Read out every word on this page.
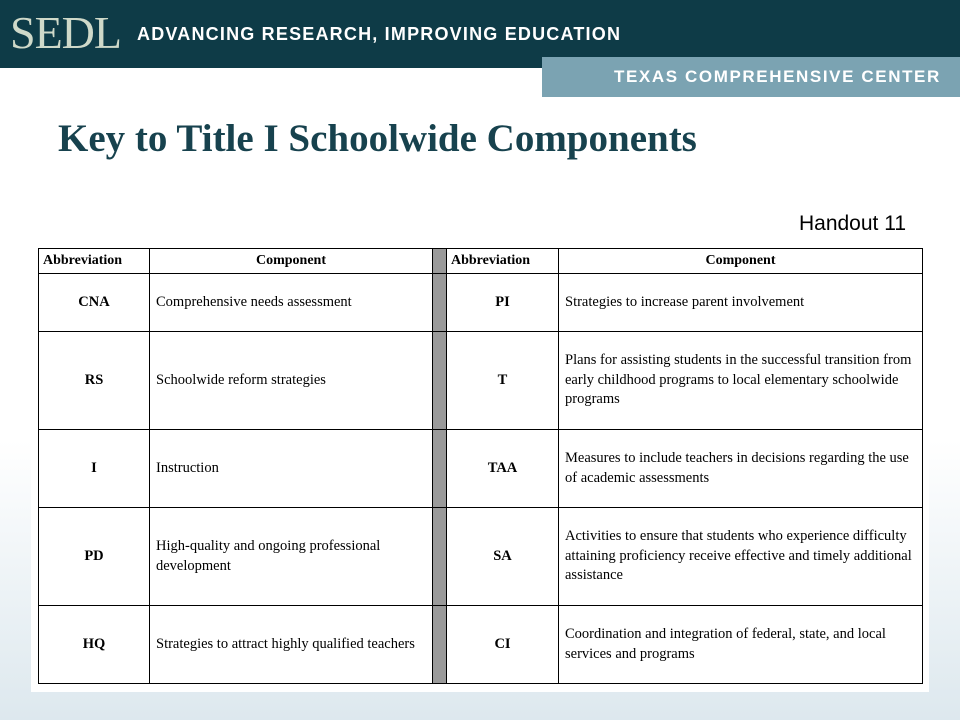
SEDL ADVANCING RESEARCH, IMPROVING EDUCATION
TEXAS COMPREHENSIVE CENTER
Key to Title I Schoolwide Components
Handout 11
Abbreviation	Component		Abbreviation	Component
CNA	Comprehensive needs assessment		PI	Strategies to increase parent involvement
RS	Schoolwide reform strategies		T	Plans for assisting students in the successful transition from early childhood programs to local elementary schoolwide programs
I	Instruction		TAA	Measures to include teachers in decisions regarding the use of academic assessments
PD	High-quality and ongoing professional development		SA	Activities to ensure that students who experience difficulty attaining proficiency receive effective and timely additional assistance
HQ	Strategies to attract highly qualified teachers		CI	Coordination and integration of federal, state, and local services and programs
